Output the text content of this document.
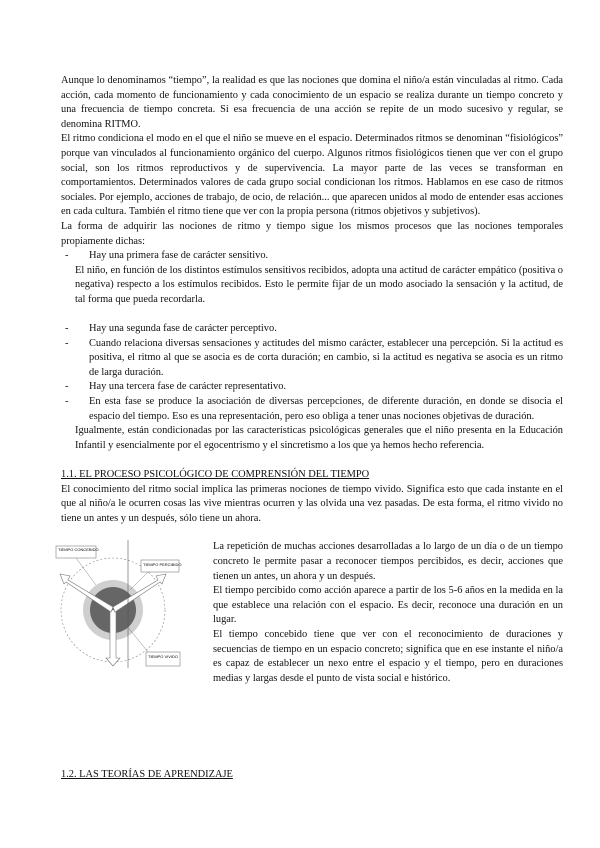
Aunque lo denominamos “tiempo”, la realidad es que las nociones que domina el niño/a están vinculadas al ritmo. Cada acción, cada momento de funcionamiento y cada conocimiento de un espacio se realiza durante un tiempo concreto y una frecuencia de tiempo concreta. Si esa frecuencia de una acción se repite de un modo sucesivo y regular, se denomina RITMO.

El ritmo condiciona el modo en el que el niño se mueve en el espacio. Determinados ritmos se denominan “fisiológicos” porque van vinculados al funcionamiento orgánico del cuerpo. Algunos ritmos fisiológicos tienen que ver con el grupo social, son los ritmos reproductivos y de supervivencia. La mayor parte de las veces se transforman en comportamientos. Determinados valores de cada grupo social condicionan los ritmos. Hablamos en ese caso de ritmos sociales. Por ejemplo, acciones de trabajo, de ocio, de relación... que aparecen unidos al modo de entender esas acciones en cada cultura. También el ritmo tiene que ver con la propia persona (ritmos objetivos y subjetivos).

La forma de adquirir las nociones de ritmo y tiempo sigue los mismos procesos que las nociones temporales propiamente dichas:

- Hay una primera fase de carácter sensitivo.

El niño, en función de los distintos estímulos sensitivos recibidos, adopta una actitud de carácter empático (positiva o negativa) respecto a los estímulos recibidos. Esto le permite fijar de un modo asociado la sensación y la actitud, de tal forma que pueda recordarla.

- Hay una segunda fase de carácter perceptivo.

- Cuando relaciona diversas sensaciones y actitudes del mismo carácter, establecer una percepción. Si la actitud es positiva, el ritmo al que se asocia es de corta duración; en cambio, si la actitud es negativa se asocia es un ritmo de larga duración.

- Hay una tercera fase de carácter representativo.

- En esta fase se produce la asociación de diversas percepciones, de diferente duración, en donde se disocia el espacio del tiempo. Eso es una representación, pero eso obliga a tener unas nociones objetivas de duración.

Igualmente, están condicionadas por las características psicológicas generales que el niño presenta en la Educación Infantil y esencialmente por el egocentrismo y el sincretismo a los que ya hemos hecho referencia.

1.1. EL PROCESO PSICOLÓGICO DE COMPRENSIÓN DEL TIEMPO

El conocimiento del ritmo social implica las primeras nociones de tiempo vivido. Significa esto que cada instante en el que al niño/a le ocurren cosas las vive mientras ocurren y las olvida una vez pasadas. De esta forma, el ritmo vivido no tiene un antes y un después, sólo tiene un ahora.

TIEMPO CONCEBIDO
TIEMPO PERCIBIDO
TIEMPO VIVIDO

La repetición de muchas acciones desarrolladas a lo largo de un día o de un tiempo concreto le permite pasar a reconocer tiempos percibidos, es decir, acciones que tienen un antes, un ahora y un después.

El tiempo percibido como acción aparece a partir de los 5-6 años en la medida en la que establece una relación con el espacio. Es decir, reconoce una duración en un lugar.

El tiempo concebido tiene que ver con el reconocimiento de duraciones y secuencias de tiempo en un espacio concreto; significa que en ese instante el niño/a es capaz de establecer un nexo entre el espacio y el tiempo, pero en duraciones medias y largas desde el punto de vista social e histórico.

1.2. LAS TEORÍAS DE APRENDIZAJE
